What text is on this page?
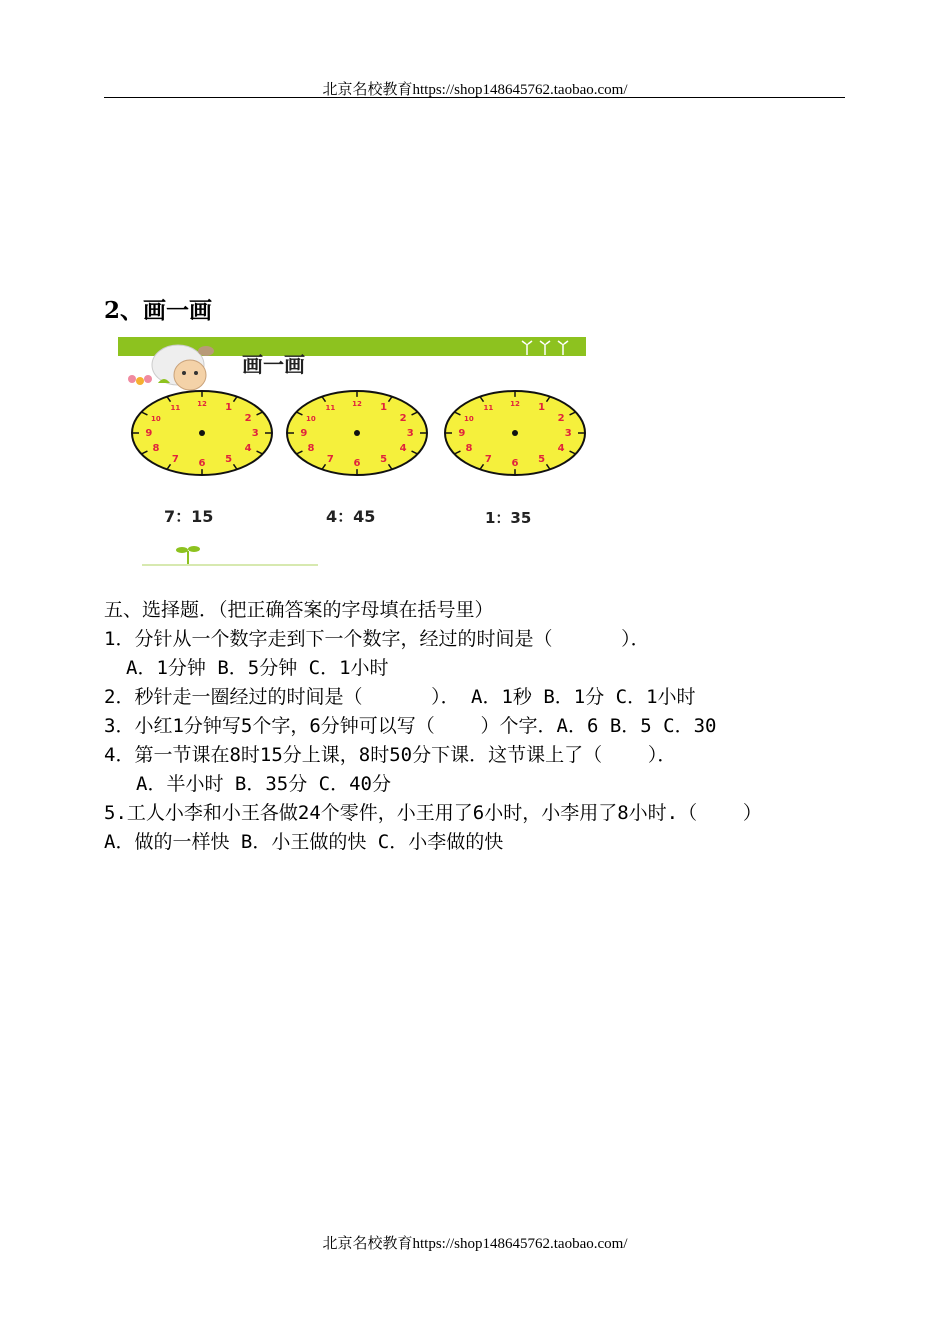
北京名校教育https://shop148645762.taobao.com/
2、画一画
画一画
12 1
2
3
4
5
6
7
8
9
10
11
12 1
2
3
4
5
6
7
8
9
10
11
12 1
2
3
4
5
6
7
8
9
10
11
7：15	4：45	1：35
五、选择题．（把正确答案的字母填在括号里）
1．分针从一个数字走到下一个数字，经过的时间是（      ）．
A．1分钟 B．5分钟 C．1小时
2．秒针走一圈经过的时间是（      ）． A．1秒 B．1分 C．1小时
3．小红1分钟写5个字，6分钟可以写（    ）个字．A．6 B．5 C．30
4．第一节课在8时15分上课，8时50分下课．这节课上了（    ）．
A．半小时 B．35分 C．40分
5.工人小李和小王各做24个零件，小王用了6小时，小李用了8小时.（    ）
A．做的一样快 B．小王做的快 C．小李做的快
北京名校教育https://shop148645762.taobao.com/
